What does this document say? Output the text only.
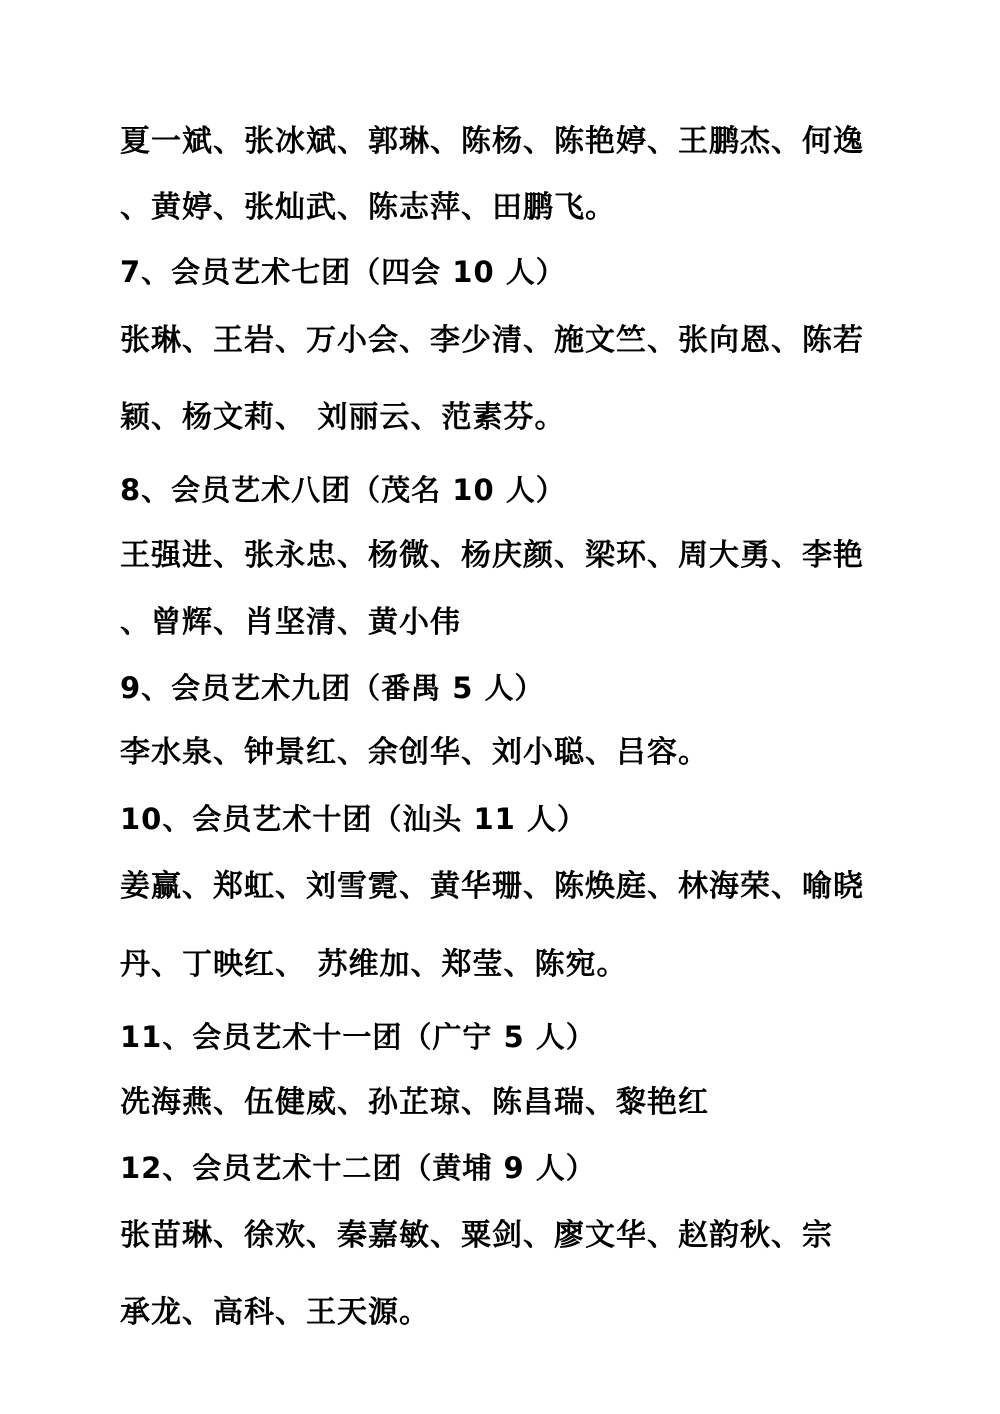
夏一斌、张冰斌、郭琳、陈杨、陈艳婷、王鹏杰、何逸
、黄婷、张灿武、陈志萍、田鹏飞。
7、会员艺术七团（四会 10 人）
张琳、王岩、万小会、李少清、施文竺、张向恩、陈若
颖、杨文莉、 刘丽云、范素芬。
8、会员艺术八团（茂名 10 人）
王强进、张永忠、杨微、杨庆颜、梁环、周大勇、李艳
、曾辉、肖坚清、黄小伟
9、会员艺术九团（番禺 5 人）
李水泉、钟景红、余创华、刘小聪、吕容。
10、会员艺术十团（汕头 11 人）
姜赢、郑虹、刘雪霓、黄华珊、陈焕庭、林海荣、喻晓
丹、丁映红、 苏维加、郑莹、陈宛。
11、会员艺术十一团（广宁 5 人）
冼海燕、伍健威、孙芷琼、陈昌瑞、黎艳红
12、会员艺术十二团（黄埔 9 人）
张苗琳、徐欢、秦嘉敏、粟剑、廖文华、赵韵秋、宗
承龙、高科、王天源。
